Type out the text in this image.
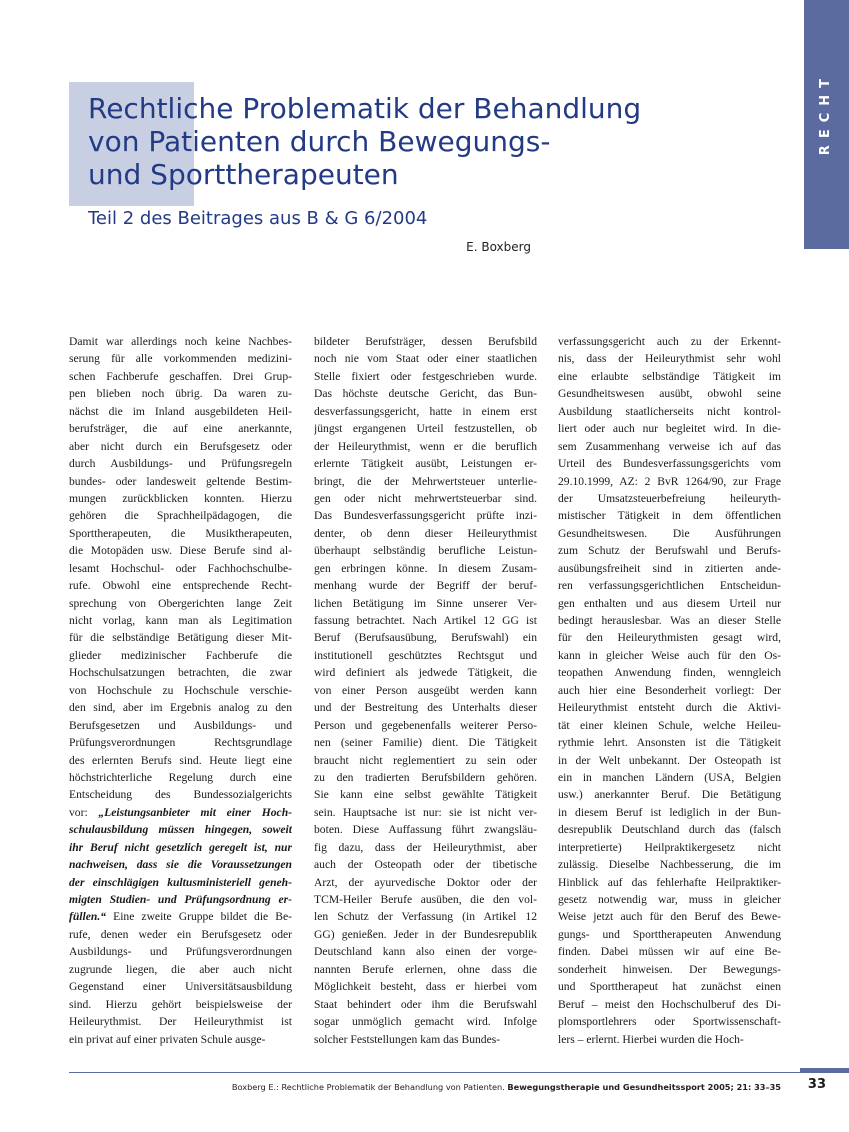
RECHT
Rechtliche Problematik der Behandlung
von Patienten durch Bewegungs-
und Sporttherapeuten
Teil 2 des Beitrages aus B & G 6/2004
E. Boxberg
Damit war allerdings noch keine Nachbes-
serung für alle vorkommenden medizini-
schen Fachberufe geschaffen. Drei Grup-
pen blieben noch übrig. Da waren zu-
nächst die im Inland ausgebildeten Heil-
berufsträger, die auf eine anerkannte,
aber nicht durch ein Berufsgesetz oder
durch Ausbildungs- und Prüfungsregeln
bundes- oder landesweit geltende Bestim-
mungen zurückblicken konnten. Hierzu
gehören die Sprachheilpädagogen, die
Sporttherapeuten, die Musiktherapeuten,
die Motopäden usw. Diese Berufe sind al-
lesamt Hochschul- oder Fachhochschulbe-
rufe. Obwohl eine entsprechende Recht-
sprechung von Obergerichten lange Zeit
nicht vorlag, kann man als Legitimation
für die selbständige Betätigung dieser Mit-
glieder medizinischer Fachberufe die
Hochschulsatzungen betrachten, die zwar
von Hochschule zu Hochschule verschie-
den sind, aber im Ergebnis analog zu den
Berufsgesetzen und Ausbildungs- und
Prüfungsverordnungen Rechtsgrundlage
des erlernten Berufs sind. Heute liegt eine
höchstrichterliche Regelung durch eine
Entscheidung des Bundessozialgerichts
vor: „Leistungsanbieter mit einer Hoch-
schulausbildung müssen hingegen, soweit
ihr Beruf nicht gesetzlich geregelt ist, nur
nachweisen, dass sie die Voraussetzungen
der einschlägigen kultusministeriell geneh-
migten Studien- und Prüfungsordnung er-
füllen.“ Eine zweite Gruppe bildet die Be-
rufe, denen weder ein Berufsgesetz oder
Ausbildungs- und Prüfungsverordnungen
zugrunde liegen, die aber auch nicht
Gegenstand einer Universitätsausbildung
sind. Hierzu gehört beispielsweise der
Heileurythmist. Der Heileurythmist ist
ein privat auf einer privaten Schule ausge-
bildeter Berufsträger, dessen Berufsbild
noch nie vom Staat oder einer staatlichen
Stelle fixiert oder festgeschrieben wurde.
Das höchste deutsche Gericht, das Bun-
desverfassungsgericht, hatte in einem erst
jüngst ergangenen Urteil festzustellen, ob
der Heileurythmist, wenn er die beruflich
erlernte Tätigkeit ausübt, Leistungen er-
bringt, die der Mehrwertsteuer unterlie-
gen oder nicht mehrwertsteuerbar sind.
Das Bundesverfassungsgericht prüfte inzi-
denter, ob denn dieser Heileurythmist
überhaupt selbständig berufliche Leistun-
gen erbringen könne. In diesem Zusam-
menhang wurde der Begriff der beruf-
lichen Betätigung im Sinne unserer Ver-
fassung betrachtet. Nach Artikel 12 GG ist
Beruf (Berufsausübung, Berufswahl) ein
institutionell geschütztes Rechtsgut und
wird definiert als jedwede Tätigkeit, die
von einer Person ausgeübt werden kann
und der Bestreitung des Unterhalts dieser
Person und gegebenenfalls weiterer Perso-
nen (seiner Familie) dient. Die Tätigkeit
braucht nicht reglementiert zu sein oder
zu den tradierten Berufsbildern gehören.
Sie kann eine selbst gewählte Tätigkeit
sein. Hauptsache ist nur: sie ist nicht ver-
boten. Diese Auffassung führt zwangsläu-
fig dazu, dass der Heileurythmist, aber
auch der Osteopath oder der tibetische
Arzt, der ayurvedische Doktor oder der
TCM-Heiler Berufe ausüben, die den vol-
len Schutz der Verfassung (in Artikel 12
GG) genießen. Jeder in der Bundesrepublik
Deutschland kann also einen der vorge-
nannten Berufe erlernen, ohne dass die
Möglichkeit besteht, dass er hierbei vom
Staat behindert oder ihm die Berufswahl
sogar unmöglich gemacht wird. Infolge
solcher Feststellungen kam das Bundes-
verfassungsgericht auch zu der Erkennt-
nis, dass der Heileurythmist sehr wohl
eine erlaubte selbständige Tätigkeit im
Gesundheitswesen ausübt, obwohl seine
Ausbildung staatlicherseits nicht kontrol-
liert oder auch nur begleitet wird. In die-
sem Zusammenhang verweise ich auf das
Urteil des Bundesverfassungsgerichts vom
29.10.1999, AZ: 2 BvR 1264/90, zur Frage
der Umsatzsteuerbefreiung heileuryth-
mistischer Tätigkeit in dem öffentlichen
Gesundheitswesen. Die Ausführungen
zum Schutz der Berufswahl und Berufs-
ausübungsfreiheit sind in zitierten ande-
ren verfassungsgerichtlichen Entscheidun-
gen enthalten und aus diesem Urteil nur
bedingt herauslesbar. Was an dieser Stelle
für den Heileurythmisten gesagt wird,
kann in gleicher Weise auch für den Os-
teopathen Anwendung finden, wenngleich
auch hier eine Besonderheit vorliegt: Der
Heileurythmist entsteht durch die Aktivi-
tät einer kleinen Schule, welche Heileu-
rythmie lehrt. Ansonsten ist die Tätigkeit
in der Welt unbekannt. Der Osteopath ist
ein in manchen Ländern (USA, Belgien
usw.) anerkannter Beruf. Die Betätigung
in diesem Beruf ist lediglich in der Bun-
desrepublik Deutschland durch das (falsch
interpretierte) Heilpraktikergesetz nicht
zulässig. Dieselbe Nachbesserung, die im
Hinblick auf das fehlerhafte Heilpraktiker-
gesetz notwendig war, muss in gleicher
Weise jetzt auch für den Beruf des Bewe-
gungs- und Sporttherapeuten Anwendung
finden. Dabei müssen wir auf eine Be-
sonderheit hinweisen. Der Bewegungs-
und Sporttherapeut hat zunächst einen
Beruf – meist den Hochschulberuf des Di-
plomsportlehrers oder Sportwissenschaft-
lers – erlernt. Hierbei wurden die Hoch-
Boxberg E.: Rechtliche Problematik der Behandlung von Patienten. Bewegungstherapie und Gesundheitssport 2005; 21: 33–35	33
